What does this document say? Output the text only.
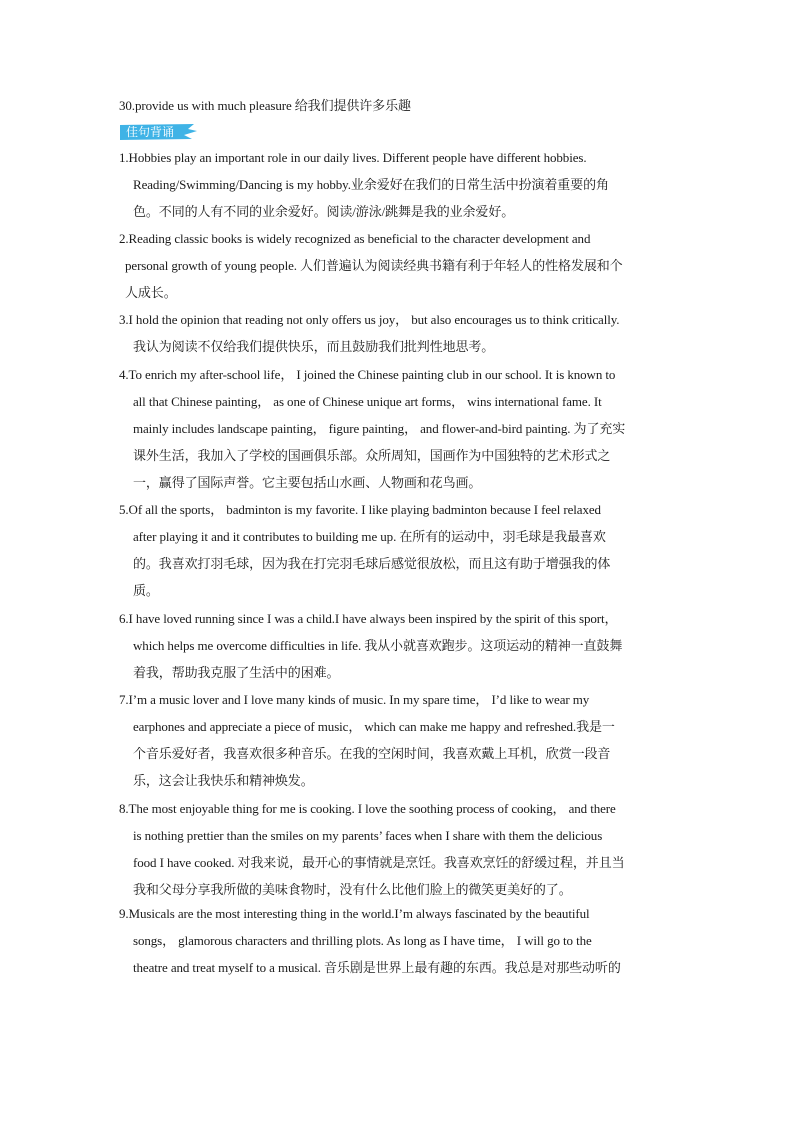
30.provide us with much pleasure 给我们提供许多乐趣
佳句背诵
1.Hobbies play an important role in our daily lives. Different people have different hobbies.
Reading/Swimming/Dancing is my hobby.业余爱好在我们的日常生活中扮演着重要的角
色。不同的人有不同的业余爱好。阅读/游泳/跳舞是我的业余爱好。
2.Reading classic books is widely recognized as beneficial to the character development and
personal growth of young people. 人们普遍认为阅读经典书籍有利于年轻人的性格发展和个
人成长。
3.I hold the opinion that reading not only offers us joy， but also encourages us to think critically.
我认为阅读不仅给我们提供快乐，而且鼓励我们批判性地思考。
4.To enrich my after-school life， I joined the Chinese painting club in our school. It is known to
all that Chinese painting， as one of Chinese unique art forms， wins international fame. It
mainly includes landscape painting， figure painting， and flower-and-bird painting. 为了充实
课外生活，我加入了学校的国画俱乐部。众所周知，国画作为中国独特的艺术形式之
一，赢得了国际声誉。它主要包括山水画、人物画和花鸟画。
5.Of all the sports， badminton is my favorite. I like playing badminton because I feel relaxed
after playing it and it contributes to building me up. 在所有的运动中，羽毛球是我最喜欢
的。我喜欢打羽毛球，因为我在打完羽毛球后感觉很放松，而且这有助于增强我的体
质。
6.I have loved running since I was a child.I have always been inspired by the spirit of this sport，
which helps me overcome difficulties in life. 我从小就喜欢跑步。这项运动的精神一直鼓舞
着我，帮助我克服了生活中的困难。
7.I’m a music lover and I love many kinds of music. In my spare time， I’d like to wear my
earphones and appreciate a piece of music， which can make me happy and refreshed.我是一
个音乐爱好者，我喜欢很多种音乐。在我的空闲时间，我喜欢戴上耳机，欣赏一段音
乐，这会让我快乐和精神焕发。
8.The most enjoyable thing for me is cooking. I love the soothing process of cooking， and there
is nothing prettier than the smiles on my parents’ faces when I share with them the delicious
food I have cooked. 对我来说，最开心的事情就是烹饪。我喜欢烹饪的舒缓过程，并且当
我和父母分享我所做的美味食物时，没有什么比他们脸上的微笑更美好的了。
9.Musicals are the most interesting thing in the world.I’m always fascinated by the beautiful
songs， glamorous characters and thrilling plots. As long as I have time， I will go to the
theatre and treat myself to a musical. 音乐剧是世界上最有趣的东西。我总是对那些动听的
